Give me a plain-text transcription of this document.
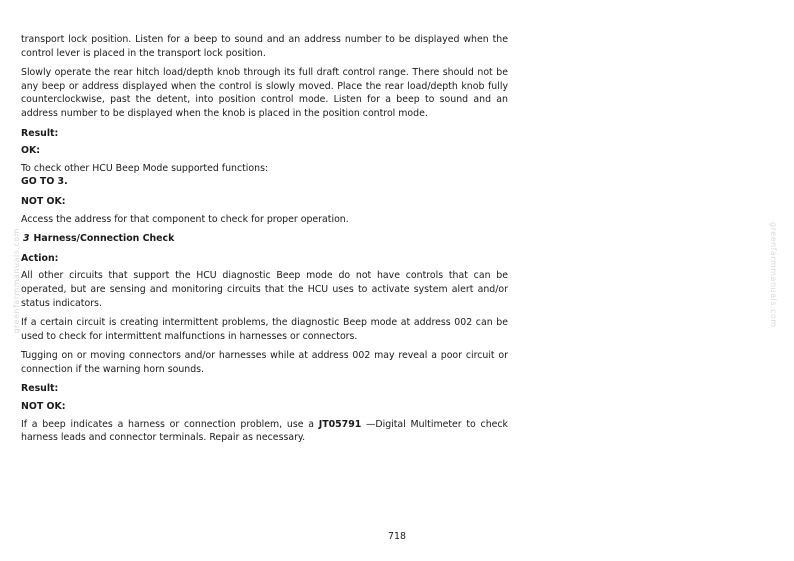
transport lock position. Listen for a beep to sound and an address number to be displayed when the control lever is placed in the transport lock position.

Slowly operate the rear hitch load/depth knob through its full draft control range. There should not be any beep or address displayed when the control is slowly moved. Place the rear load/depth knob fully counterclockwise, past the detent, into position control mode. Listen for a beep to sound and an address number to be displayed when the knob is placed in the position control mode.

Result:
OK:

To check other HCU Beep Mode supported functions:

GO TO 3.

NOT OK:

Access the address for that component to check for proper operation.

3 Harness/Connection Check
Action:

All other circuits that support the HCU diagnostic Beep mode do not have controls that can be operated, but are sensing and monitoring circuits that the HCU uses to activate system alert and/or status indicators.

If a certain circuit is creating intermittent problems, the diagnostic Beep mode at address 002 can be used to check for intermittent malfunctions in harnesses or connectors.

Tugging on or moving connectors and/or harnesses while at address 002 may reveal a poor circuit or connection if the warning horn sounds.

Result:
NOT OK:

If a beep indicates a harness or connection problem, use a JT05791 —Digital Multimeter to check harness leads and connector terminals. Repair as necessary.

718
greenfarmmanuals.com	greenfarmmanuals.com
